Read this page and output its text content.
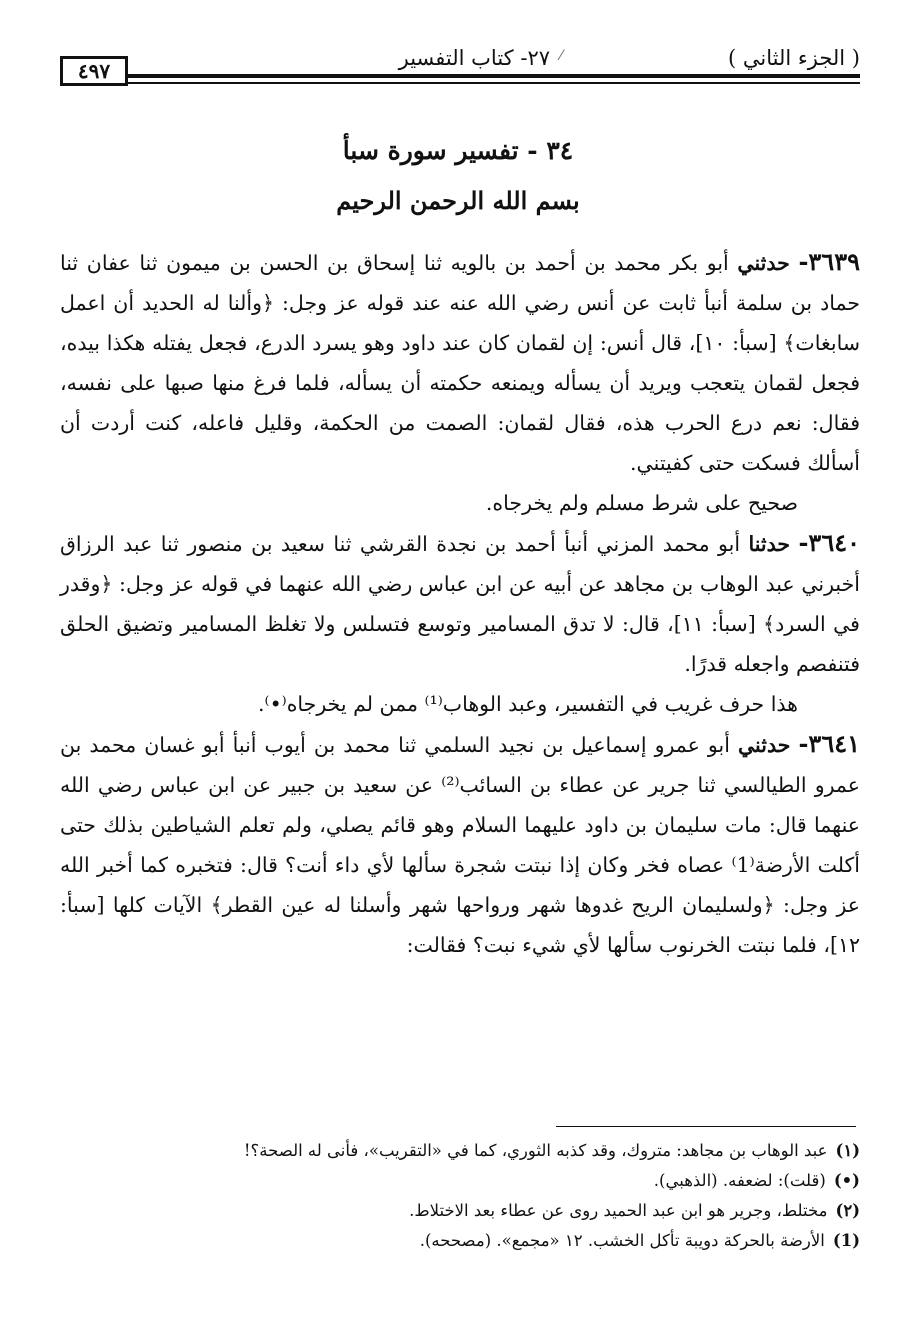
٤٩٧
⁄
٢٧- كتاب التفسير	( الجزء الثاني )
٣٤ - تفسير سورة سبأ
بسم الله الرحمن الرحيم

٣٦٣٩- حدثني أبو بكر محمد بن أحمد بن بالويه ثنا إسحاق بن الحسن بن ميمون ثنا عفان ثنا حماد بن سلمة أنبأ ثابت عن أنس رضي الله عنه عند قوله عز وجل: ﴿وألنا له الحديد أن اعمل سابغات﴾ [سبأ: ١٠]، قال أنس: إن لقمان كان عند داود وهو يسرد الدرع، فجعل يفتله هكذا بيده، فجعل لقمان يتعجب ويريد أن يسأله ويمنعه حكمته أن يسأله، فلما فرغ منها صبها على نفسه، فقال: نعم درع الحرب هذه، فقال لقمان: الصمت من الحكمة، وقليل فاعله، كنت أردت أن أسألك فسكت حتى كفيتني.

صحيح على شرط مسلم ولم يخرجاه.

٣٦٤٠- حدثنا أبو محمد المزني أنبأ أحمد بن نجدة القرشي ثنا سعيد بن منصور ثنا عبد الرزاق أخبرني عبد الوهاب بن مجاهد عن أبيه عن ابن عباس رضي الله عنهما في قوله عز وجل: ﴿وقدر في السرد﴾ [سبأ: ١١]، قال: لا تدق المسامير وتوسع فتسلس ولا تغلظ المسامير وتضيق الحلق فتنفصم واجعله قدرًا.

هذا حرف غريب في التفسير، وعبد الوهاب⁽¹⁾ ممن لم يخرجاه⁽•⁾.

٣٦٤١- حدثني أبو عمرو إسماعيل بن نجيد السلمي ثنا محمد بن أيوب أنبأ أبو غسان محمد بن عمرو الطيالسي ثنا جرير عن عطاء بن السائب⁽²⁾ عن سعيد بن جبير عن ابن عباس رضي الله عنهما قال: مات سليمان بن داود عليهما السلام وهو قائم يصلي، ولم تعلم الشياطين بذلك حتى أكلت الأرضة⁽1⁾ عصاه فخر وكان إذا نبتت شجرة سألها لأي داء أنت؟ قال: فتخبره كما أخبر الله عز وجل: ﴿ولسليمان الريح غدوها شهر ورواحها شهر وأسلنا له عين القطر﴾ الآيات كلها [سبأ: ١٢]، فلما نبتت الخرنوب سألها لأي شيء نبت؟ فقالت:

(١)عبد الوهاب بن مجاهد: متروك، وقد كذبه الثوري، كما في «التقريب»، فأنى له الصحة؟!
(•)(قلت): لضعفه. (الذهبي).
(٢)مختلط، وجرير هو ابن عبد الحميد روى عن عطاء بعد الاختلاط.
(1)الأرضة بالحركة دويبة تأكل الخشب. ١٢ «مجمع». (مصححه).
